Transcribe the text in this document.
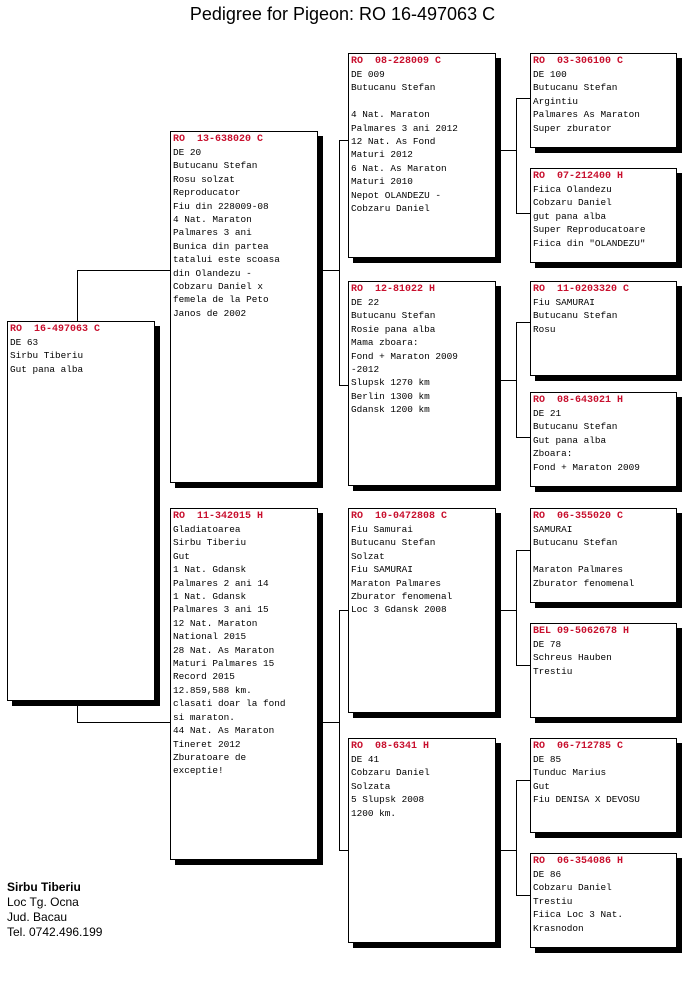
Pedigree for Pigeon: RO 16-497063 C
RO  16-497063 C
DE 63
Sirbu Tiberiu
Gut pana alba
RO  13-638020 C
DE 20
Butucanu Stefan
Rosu solzat
Reproducator
Fiu din 228009-08
4 Nat. Maraton
Palmares 3 ani
Bunica din partea
tatalui este scoasa
din Olandezu -
Cobzaru Daniel x
femela de la Peto
Janos de 2002
RO  11-342015 H
Gladiatoarea
Sirbu Tiberiu
Gut
1 Nat. Gdansk
Palmares 2 ani 14
1 Nat. Gdansk
Palmares 3 ani 15
12 Nat. Maraton
National 2015
28 Nat. As Maraton
Maturi Palmares 15
Record 2015
12.859,588 km.
clasati doar la fond
si maraton.
44 Nat. As Maraton
Tineret 2012
Zburatoare de
exceptie!
RO  08-228009 C
DE 009
Butucanu Stefan
4 Nat. Maraton
Palmares 3 ani 2012
12 Nat. As Fond
Maturi 2012
6 Nat. As Maraton
Maturi 2010
Nepot OLANDEZU -
Cobzaru Daniel
RO  12-81022 H
DE 22
Butucanu Stefan
Rosie pana alba
Mama zboara:
Fond + Maraton 2009
-2012
Slupsk 1270 km
Berlin 1300 km
Gdansk 1200 km
RO  10-0472808 C
Fiu Samurai
Butucanu Stefan
Solzat
Fiu SAMURAI
Maraton Palmares
Zburator fenomenal
Loc 3 Gdansk 2008
RO  08-6341 H
DE 41
Cobzaru Daniel
Solzata
5 Slupsk 2008
1200 km.
RO  03-306100 C
DE 100
Butucanu Stefan
Argintiu
Palmares As Maraton
Super zburator
RO  07-212400 H
Fiica Olandezu
Cobzaru Daniel
gut pana alba
Super Reproducatoare
Fiica din "OLANDEZU"
RO  11-0203320 C
Fiu SAMURAI
Butucanu Stefan
Rosu
RO  08-643021 H
DE 21
Butucanu Stefan
Gut pana alba
Zboara:
Fond + Maraton 2009
RO  06-355020 C
SAMURAI
Butucanu Stefan
Maraton Palmares
Zburator fenomenal
BEL 09-5062678 H
DE 78
Schreus Hauben
Trestiu
RO  06-712785 C
DE 85
Tunduc Marius
Gut
Fiu DENISA X DEVOSU
RO  06-354086 H
DE 86
Cobzaru Daniel
Trestiu
Fiica Loc 3 Nat.
Krasnodon
Sirbu Tiberiu
Loc Tg. Ocna
Jud. Bacau
Tel. 0742.496.199
